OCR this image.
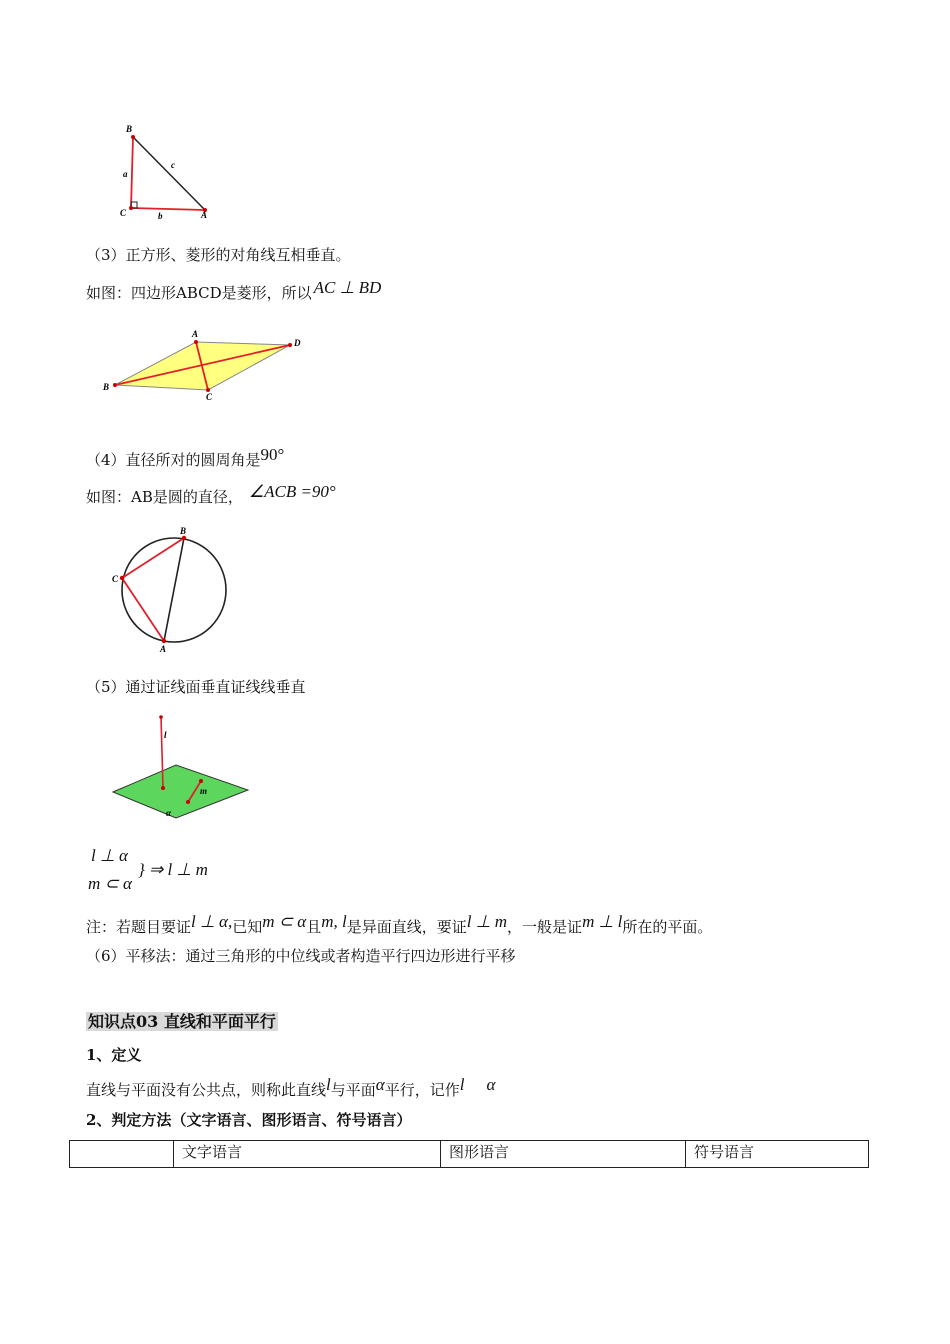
B
C	A
a
b
c
（3）正方形、菱形的对角线互相垂直。
如图：四边形ABCD是菱形，所以 AC ⊥ BD
A
D
C
B
（4）直径所对的圆周角是90°
如图：AB是圆的直径， ∠ACB =90°
B
C
A
（5）通过证线面垂直证线线垂直
l
m
α
l ⊥ α
m ⊂ α
} ⇒ l ⊥ m
注：若题目要证l ⊥ α,已知m ⊂ α且m, l是异面直线，要证l ⊥ m，一般是证m ⊥ l所在的平面。
（6）平移法：通过三角形的中位线或者构造平行四边形进行平移
知识点03 直线和平面平行
1、定义
直线与平面没有公共点，则称此直线l与平面α平行，记作l α
2、判定方法（文字语言、图形语言、符号语言）
	文字语言	图形语言	符号语言
